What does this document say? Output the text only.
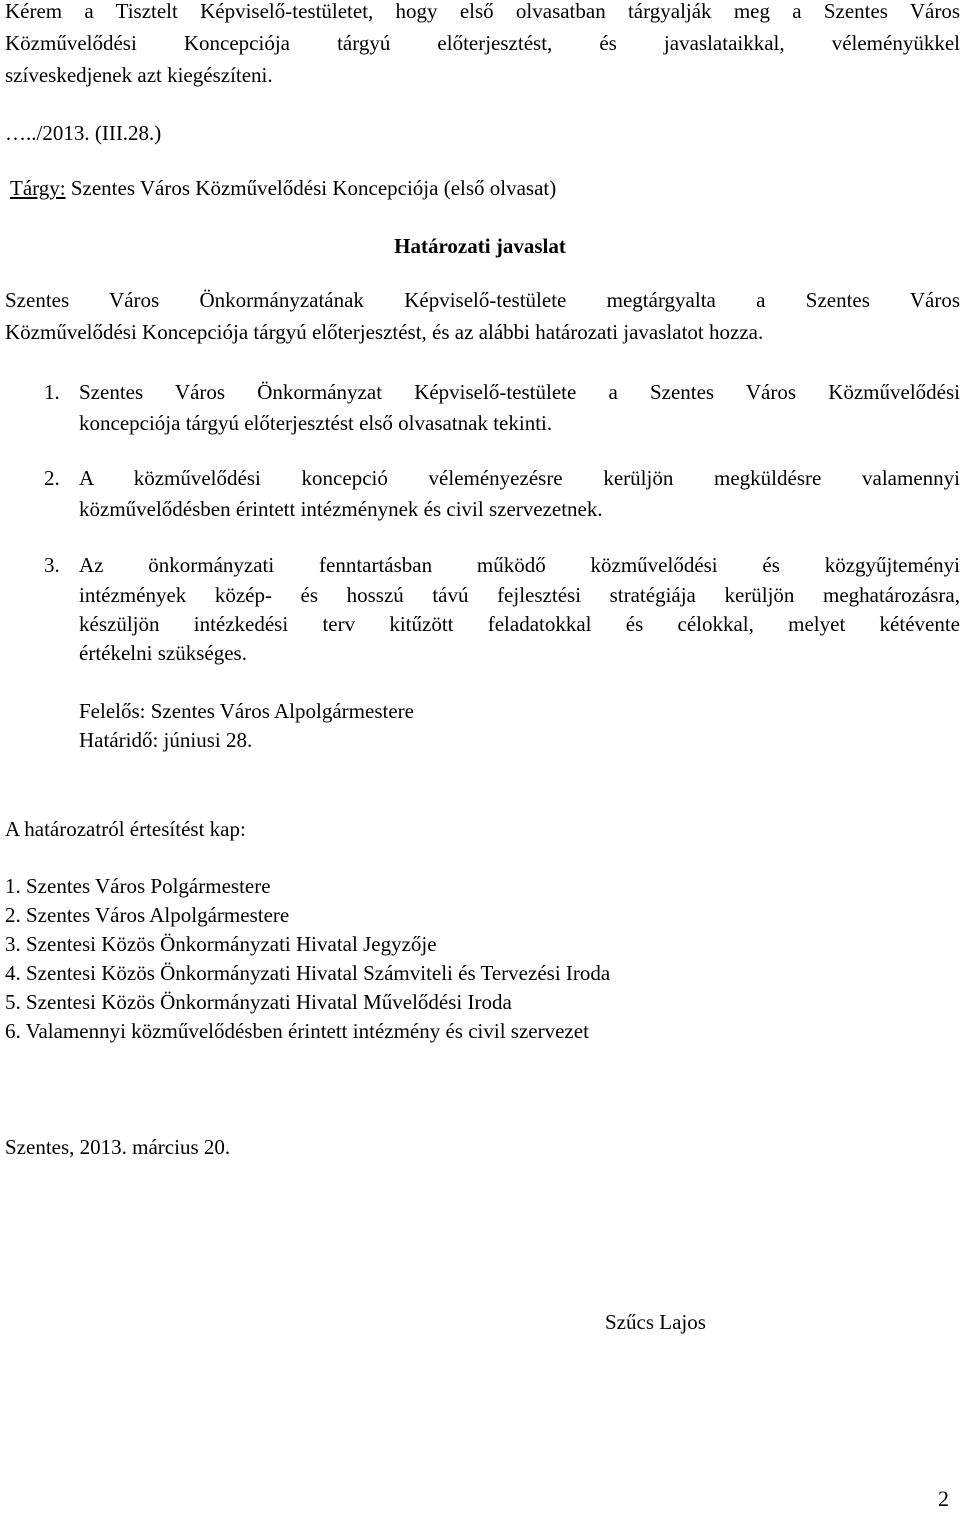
Kérem a Tisztelt Képviselő-testületet, hogy első olvasatban tárgyalják meg a Szentes Város
Közművelődési Koncepciója tárgyú előterjesztést, és javaslataikkal, véleményükkel
szíveskedjenek azt kiegészíteni.
…../2013. (III.28.)
Tárgy: Szentes Város Közművelődési Koncepciója (első olvasat)
Határozati javaslat
Szentes Város Önkormányzatának Képviselő-testülete megtárgyalta a Szentes Város
Közművelődési Koncepciója tárgyú előterjesztést, és az alábbi határozati javaslatot hozza.
1. Szentes Város Önkormányzat Képviselő-testülete a Szentes Város Közművelődési
koncepciója tárgyú előterjesztést első olvasatnak tekinti.
2. A közművelődési koncepció véleményezésre kerüljön megküldésre valamennyi
közművelődésben érintett intézménynek és civil szervezetnek.
3. Az önkormányzati fenntartásban működő közművelődési és közgyűjteményi
intézmények közép- és hosszú távú fejlesztési stratégiája kerüljön meghatározásra,
készüljön intézkedési terv kitűzött feladatokkal és célokkal, melyet kétévente
értékelni szükséges.
Felelős: Szentes Város Alpolgármestere
Határidő: júniusi 28.
A határozatról értesítést kap:
1. Szentes Város Polgármestere
2. Szentes Város Alpolgármestere
3. Szentesi Közös Önkormányzati Hivatal Jegyzője
4. Szentesi Közös Önkormányzati Hivatal Számviteli és Tervezési Iroda
5. Szentesi Közös Önkormányzati Hivatal Művelődési Iroda
6. Valamennyi közművelődésben érintett intézmény és civil szervezet
Szentes, 2013. március 20.
Szűcs Lajos
2
